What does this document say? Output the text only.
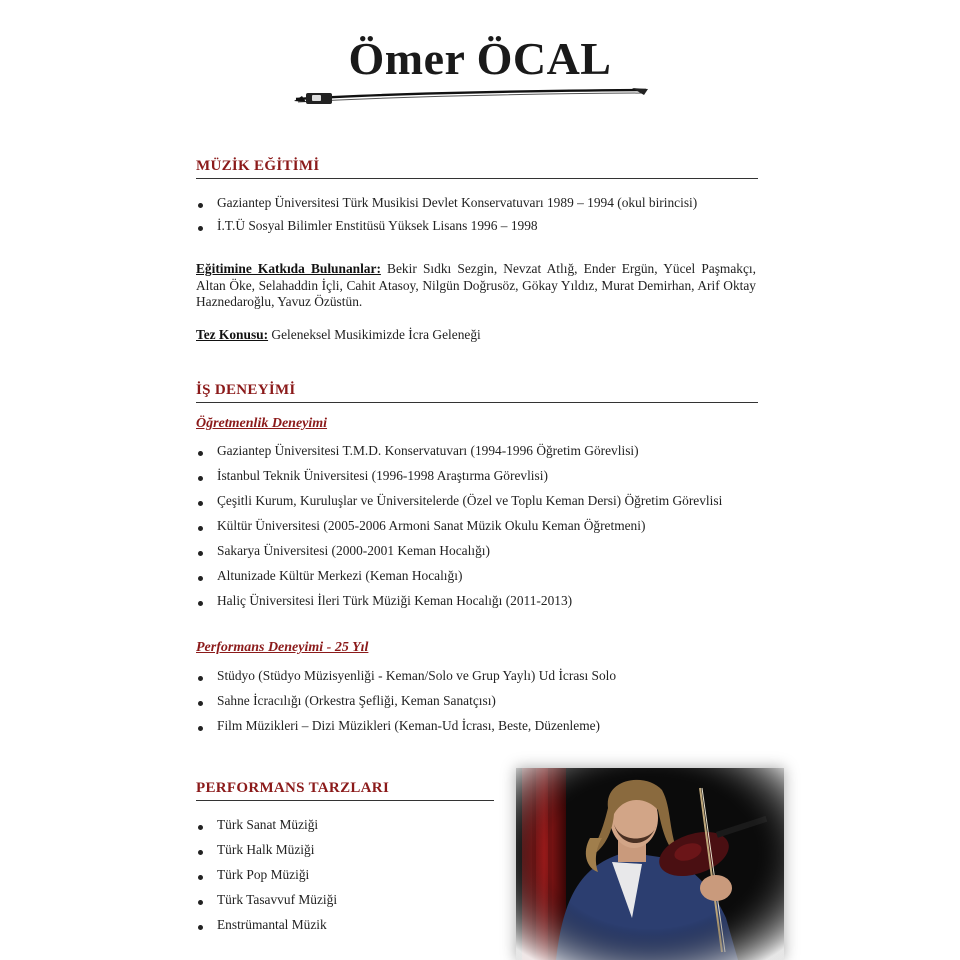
Ömer ÖCAL
MÜZİK EĞİTİMİ
Gaziantep Üniversitesi Türk Musikisi Devlet Konservatuvarı 1989 – 1994 (okul birincisi)
İ.T.Ü Sosyal Bilimler Enstitüsü Yüksek Lisans 1996 – 1998
Eğitimine Katkıda Bulunanlar: Bekir Sıdkı Sezgin, Nevzat Atlığ, Ender Ergün, Yücel Paşmakçı, Altan Öke, Selahaddin İçli, Cahit Atasoy, Nilgün Doğrusöz, Gökay Yıldız, Murat Demirhan, Arif Oktay Haznedaroğlu, Yavuz Özüstün.
Tez Konusu: Geleneksel Musikimizde İcra Geleneği
İŞ DENEYİMİ
Öğretmenlik Deneyimi
Gaziantep Üniversitesi T.M.D. Konservatuvarı (1994-1996 Öğretim Görevlisi)
İstanbul Teknik Üniversitesi (1996-1998 Araştırma Görevlisi)
Çeşitli Kurum, Kuruluşlar ve Üniversitelerde (Özel ve Toplu Keman Dersi) Öğretim Görevlisi
Kültür Üniversitesi (2005-2006 Armoni Sanat Müzik Okulu Keman Öğretmeni)
Sakarya Üniversitesi (2000-2001 Keman Hocalığı)
Altunizade Kültür Merkezi (Keman Hocalığı)
Haliç Üniversitesi İleri Türk Müziği Keman Hocalığı (2011-2013)
Performans Deneyimi - 25 Yıl
Stüdyo (Stüdyo Müzisyenliği - Keman/Solo ve Grup Yaylı) Ud İcrası Solo
Sahne İcracılığı (Orkestra Şefliği, Keman Sanatçısı)
Film Müzikleri – Dizi Müzikleri (Keman-Ud İcrası, Beste, Düzenleme)
PERFORMANS TARZLARI
Türk Sanat Müziği
Türk Halk Müziği
Türk Pop Müziği
Türk Tasavvuf Müziği
Enstrümantal Müzik
